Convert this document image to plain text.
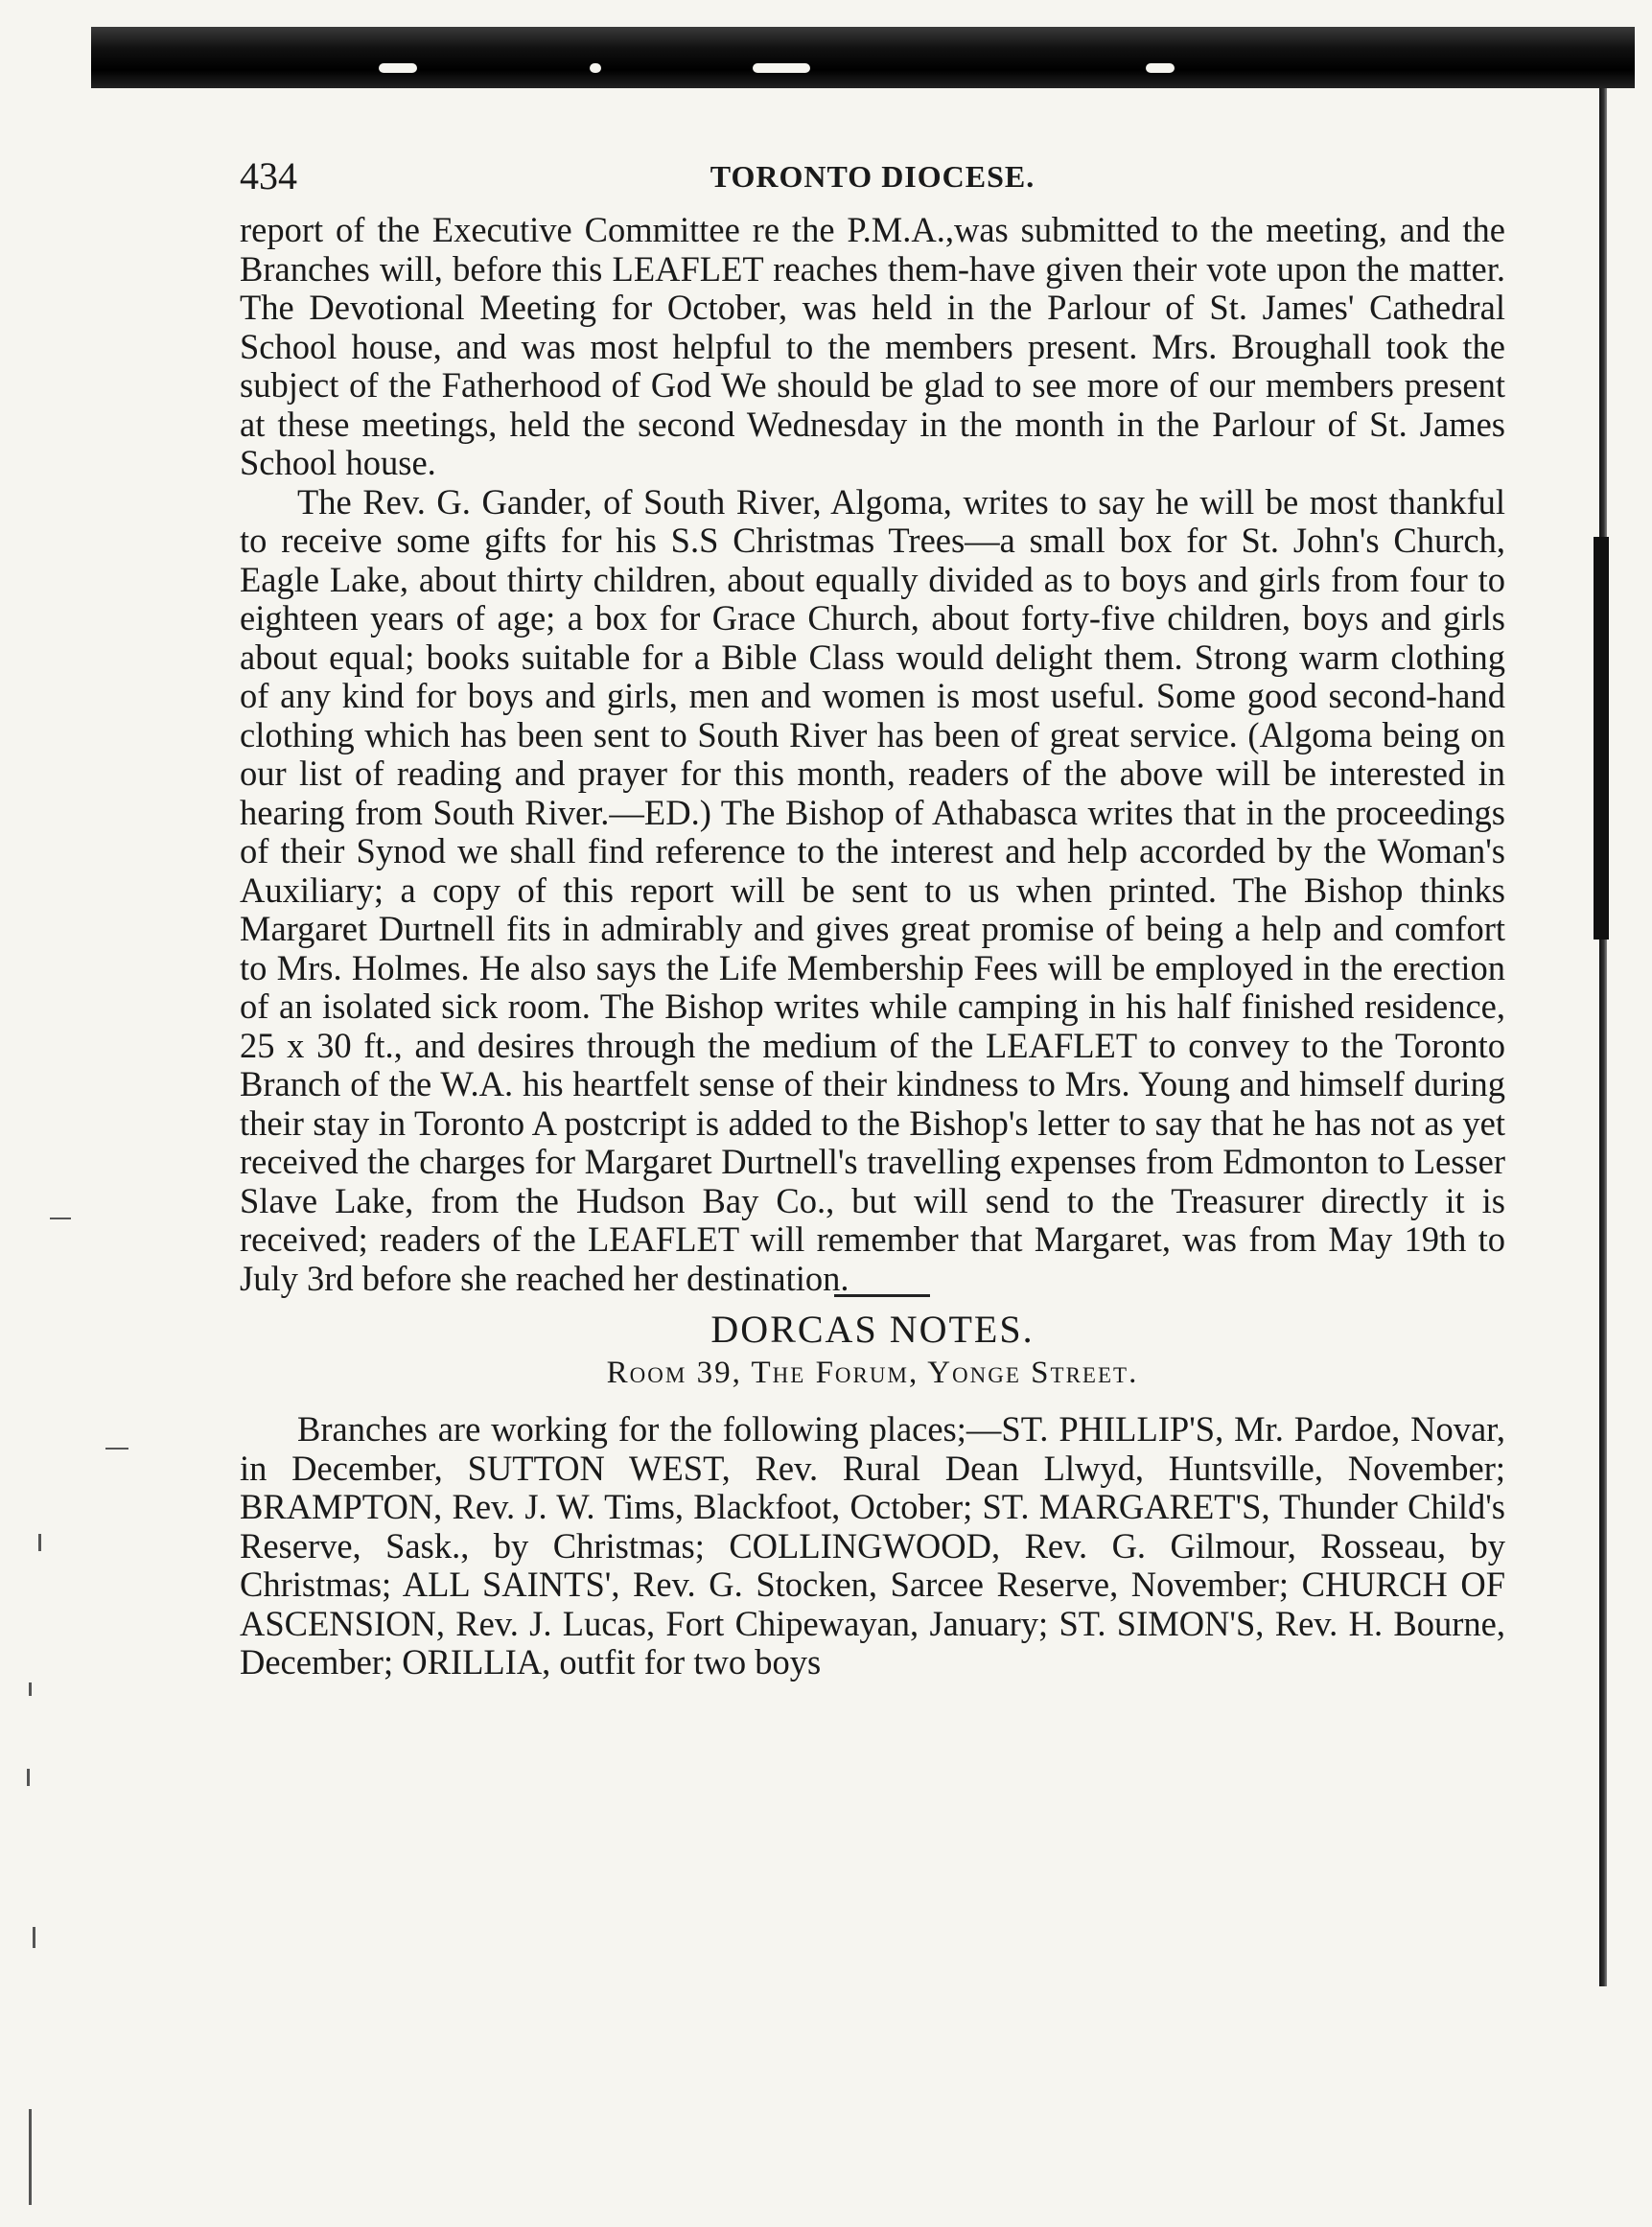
434	TORONTO DIOCESE.

report of the Executive Committee re the P.M.A.,was submitted to the meeting, and the Branches will, before this LEAFLET reaches them-have given their vote upon the matter. The Devotional Meeting for October, was held in the Parlour of St. James' Cathedral School house, and was most helpful to the members present. Mrs. Broughall took the subject of the Fatherhood of God We should be glad to see more of our members present at these meetings, held the second Wednesday in the month in the Parlour of St. James School house.

The Rev. G. Gander, of South River, Algoma, writes to say he will be most thankful to receive some gifts for his S.S Christmas Trees—a small box for St. John's Church, Eagle Lake, about thirty children, about equally divided as to boys and girls from four to eighteen years of age; a box for Grace Church, about forty-five children, boys and girls about equal; books suitable for a Bible Class would delight them. Strong warm clothing of any kind for boys and girls, men and women is most useful. Some good second-hand clothing which has been sent to South River has been of great service. (Algoma being on our list of reading and prayer for this month, readers of the above will be interested in hearing from South River.—ED.) The Bishop of Athabasca writes that in the proceedings of their Synod we shall find reference to the interest and help accorded by the Woman's Auxiliary; a copy of this report will be sent to us when printed. The Bishop thinks Margaret Durtnell fits in admirably and gives great promise of being a help and comfort to Mrs. Holmes. He also says the Life Membership Fees will be employed in the erection of an isolated sick room. The Bishop writes while camping in his half finished residence, 25 x 30 ft., and desires through the medium of the LEAFLET to convey to the Toronto Branch of the W.A. his heartfelt sense of their kindness to Mrs. Young and himself during their stay in Toronto A postcript is added to the Bishop's letter to say that he has not as yet received the charges for Margaret Durtnell's travelling expenses from Edmonton to Lesser Slave Lake, from the Hudson Bay Co., but will send to the Treasurer directly it is received; readers of the LEAFLET will remember that Margaret, was from May 19th to July 3rd before she reached her destination.

DORCAS NOTES.
Room 39, The Forum, Yonge Street.

Branches are working for the following places;—ST. PHILLIP'S, Mr. Pardoe, Novar, in December, SUTTON WEST, Rev. Rural Dean Llwyd, Huntsville, November; BRAMPTON, Rev. J. W. Tims, Blackfoot, October; ST. MARGARET'S, Thunder Child's Reserve, Sask., by Christmas; COLLINGWOOD, Rev. G. Gilmour, Rosseau, by Christmas; ALL SAINTS', Rev. G. Stocken, Sarcee Reserve, November; CHURCH OF ASCENSION, Rev. J. Lucas, Fort Chipewayan, January; ST. SIMON'S, Rev. H. Bourne, December; ORILLIA, outfit for two boys
